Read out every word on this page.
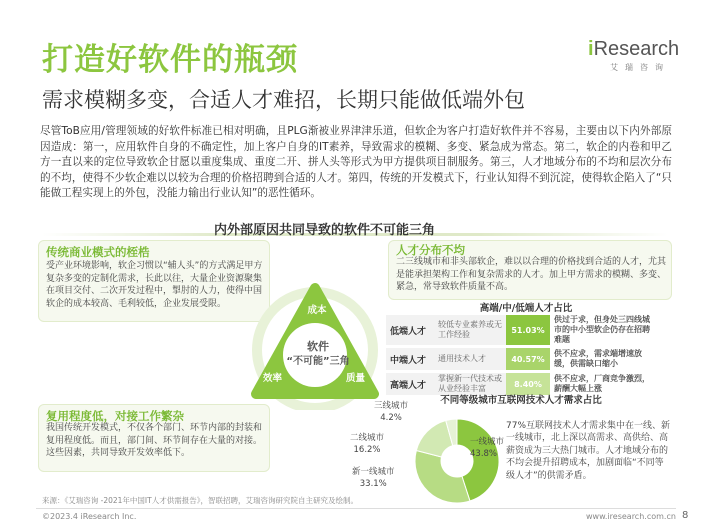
打造好软件的瓶颈	iResearch
艾瑞咨询
需求模糊多变，合适人才难招，长期只能做低端外包
尽管ToB应用/管理领域的好软件标准已相对明确，且PLG渐被业界津津乐道，但软企为客户打造好软件并不容易，主要由以下内外部原因造成：第一，应用软件自身的不确定性，加上客户自身的IT素养，导致需求的模糊、多变、紧急成为常态。第二，软企的内卷和甲乙方一直以来的定位导致软企甘愿以重度集成、重度二开、拼人头等形式为甲方提供项目制服务。第三，人才地域分布的不均和层次分布的不均，使得不少软企难以以较为合理的价格招聘到合适的人才。第四，传统的开发模式下，行业认知得不到沉淀，使得软企陷入了“只能做工程实现上的外包，没能力输出行业认知”的恶性循环。
内外部原因共同导致的软件不可能三角
传统商业模式的桎梏
受产业环境影响，软企习惯以“辅人头”的方式满足甲方复杂多变的定制化需求，长此以往，大量企业资源聚集在项目交付、二次开发过程中，掣肘的人力，使得中国软企的成本较高、毛利较低，企业发展受限。
复用程度低，对接工作繁杂
我国传统开发模式，不仅各个部门、环节内部的封装和复用程度低。而且，部门间、环节间存在大量的对接。这些因素，共同导致开发效率低下。
人才分布不均
二三线城市和非头部软企，难以以合理的价格找到合适的人才，尤其是能承担架构工作和复杂需求的人才。加上甲方需求的模糊、多变、紧急，常导致软件质量不高。
成本
效率	质量
软件
“不可能”三角
高端/中/低端人才占比
低端人才	较低专业素养或无工作经验	51.03%	供过于求，但身处三四线城市的中小型软企仍存在招聘难题
中端人才	通用技术人才	40.57%	供不应求，需求端增速放缓，供需缺口缩小
高端人才	掌握新一代技术或从业经验丰富	8.40%	供不应求，厂商竞争激烈，薪酬大幅上涨
不同等级城市互联网技术人才需求占比
一线城市
43.8%
新一线城市
33.1%
二线城市
16.2%
三线城市
4.2%
77%互联网技术人才需求集中在一线、新一线城市，北上深以高需求、高供给、高薪资成为三大热门城市。人才地域分布的不均会提升招聘成本，加剧面临“不同等级人才”的供需矛盾。
来源：《艾瑞咨询 -2021年中国IT人才供需报告》，智联招聘，艾瑞咨询研究院自主研究及绘制。
©2023.4 iResearch Inc.	www.iresearch.com.cn 8
